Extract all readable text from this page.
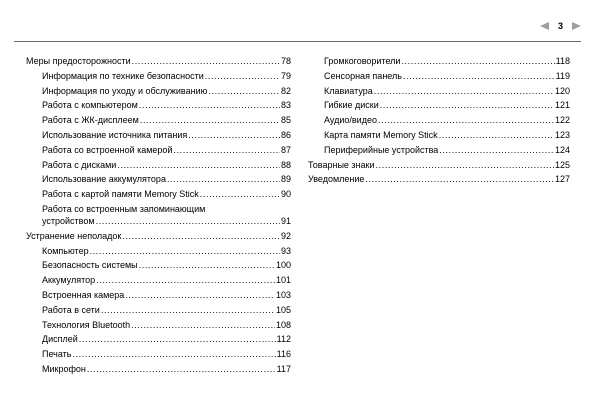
3
Меры предосторожности .....	78
Информация по технике безопасности .....	79
Информация по уходу и обслуживанию .....	82
Работа с компьютером .....	83
Работа с ЖК-дисплеем .....	85
Использование источника питания .....	86
Работа со встроенной камерой .....	87
Работа с дисками .....	88
Использование аккумулятора .....	89
Работа с картой памяти Memory Stick .....	90
Работа со встроенным запоминающим
устройством .....	91
Устранение неполадок .....	92
Компьютер .....	93
Безопасность системы .....	100
Аккумулятор .....	101
Встроенная камера .....	103
Работа в сети .....	105
Технология Bluetooth .....	108
Дисплей .....	112
Печать .....	116
Микрофон .....	117
Громкоговорители .....	118
Сенсорная панель .....	119
Клавиатура .....	120
Гибкие диски .....	121
Аудио/видео .....	122
Карта памяти Memory Stick .....	123
Периферийные устройства .....	124
Товарные знаки .....	125
Уведомление .....	127
